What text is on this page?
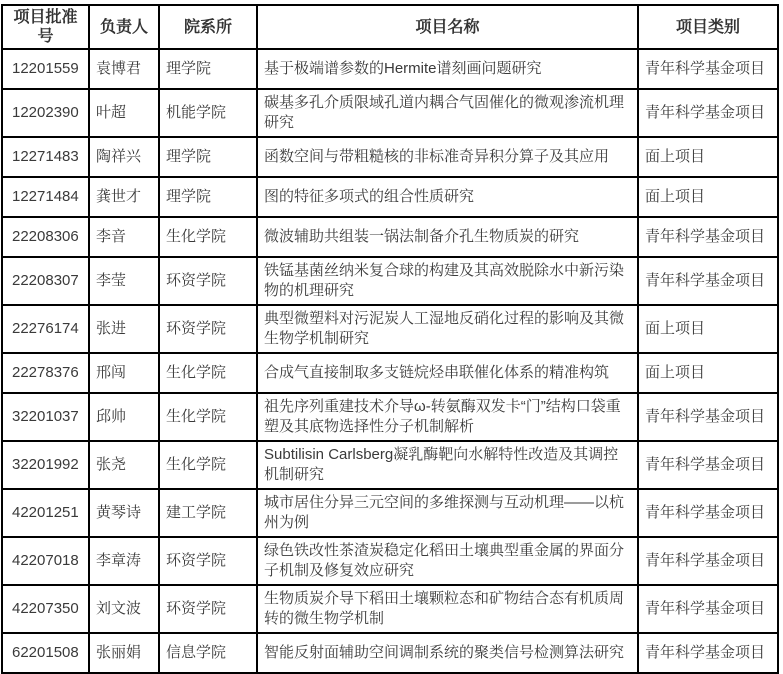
项目批准号	负责人	院系所	项目名称	项目类别
12201559	袁博君	理学院	基于极端谱参数的Hermite谱刻画问题研究	青年科学基金项目
12202390	叶超	机能学院	碳基多孔介质限域孔道内耦合气固催化的微观渗流机理研究	青年科学基金项目
12271483	陶祥兴	理学院	函数空间与带粗糙核的非标准奇异积分算子及其应用	面上项目
12271484	龚世才	理学院	图的特征多项式的组合性质研究	面上项目
22208306	李音	生化学院	微波辅助共组装一锅法制备介孔生物质炭的研究	青年科学基金项目
22208307	李莹	环资学院	铁锰基菌丝纳米复合球的构建及其高效脱除水中新污染物的机理研究	青年科学基金项目
22276174	张进	环资学院	典型微塑料对污泥炭人工湿地反硝化过程的影响及其微生物学机制研究	面上项目
22278376	邢闯	生化学院	合成气直接制取多支链烷烃串联催化体系的精准构筑	面上项目
32201037	邱帅	生化学院	祖先序列重建技术介导ω-转氨酶双发卡“门”结构口袋重塑及其底物选择性分子机制解析	青年科学基金项目
32201992	张尧	生化学院	Subtilisin Carlsberg凝乳酶靶向水解特性改造及其调控机制研究	青年科学基金项目
42201251	黄琴诗	建工学院	城市居住分异三元空间的多维探测与互动机理——以杭州为例	青年科学基金项目
42207018	李章涛	环资学院	绿色铁改性茶渣炭稳定化稻田土壤典型重金属的界面分子机制及修复效应研究	青年科学基金项目
42207350	刘文波	环资学院	生物质炭介导下稻田土壤颗粒态和矿物结合态有机质周转的微生物学机制	青年科学基金项目
62201508	张丽娟	信息学院	智能反射面辅助空间调制系统的聚类信号检测算法研究	青年科学基金项目
